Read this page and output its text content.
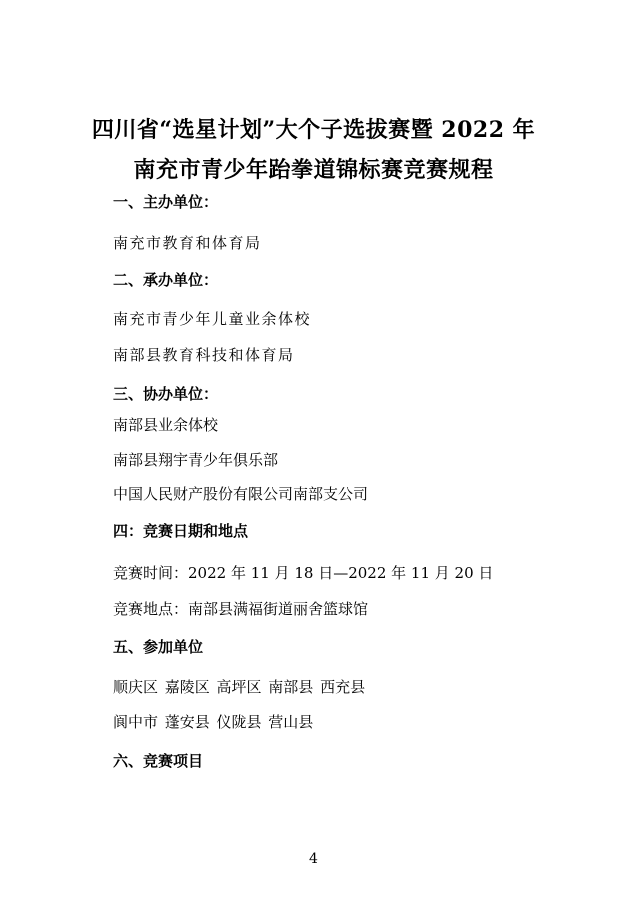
四川省“选星计划”大个子选拔赛暨 2022 年
南充市青少年跆拳道锦标赛竞赛规程
一、主办单位：
南充市教育和体育局
二、承办单位：
南充市青少年儿童业余体校
南部县教育科技和体育局
三、协办单位：
南部县业余体校
南部县翔宇青少年俱乐部
中国人民财产股份有限公司南部支公司
四：竞赛日期和地点
竞赛时间：2022 年 11 月 18 日—2022 年 11 月 20 日
竞赛地点：南部县满福街道丽舍篮球馆
五、参加单位
顺庆区 嘉陵区 高坪区 南部县 西充县
阆中市 蓬安县 仪陇县 营山县
六、竞赛项目
4
